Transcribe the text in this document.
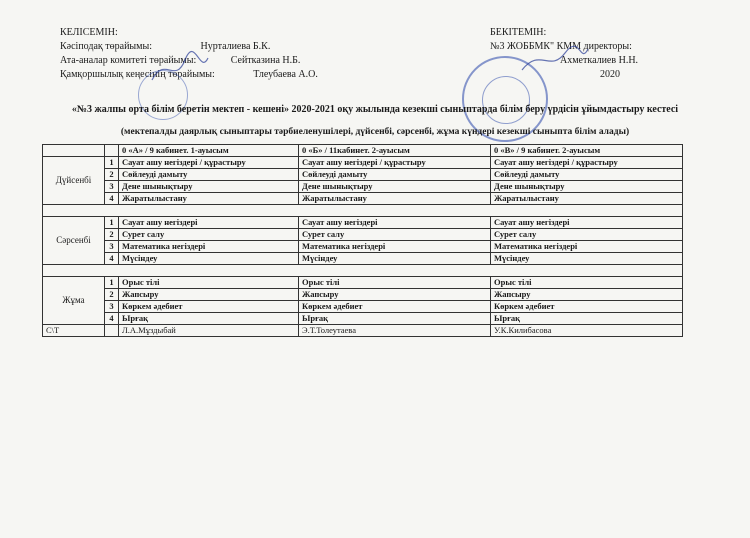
КЕЛІСЕМІН:
Кәсіподақ төрайымы:	Нурталиева Б.К.
Ата-аналар комитеті төрайымы:	Сейтказина Н.Б.
Қамқоршылық кеңесінің төрайымы:	Тлеубаева А.О.
БЕКІТЕМІН:
№3 ЖОББМК" КММ директоры:
Ахметкалиев Н.Н.
2020
«№3 жалпы орта білім беретін мектеп - кешені» 2020-2021 оқу жылында кезекші сыныптарда білім беру үрдісін ұйымдастыру кестесі
(мектепалды даярлық сыныптары тәрбиеленушілері, дүйсенбі, сәрсенбі, жұма күндері кезекші сыныпта білім алады)
		0 «А» / 9 кабинет. 1-ауысым	0 «Б» / 11кабинет. 2-ауысым	0 «В» / 9 кабинет. 2-ауысым
Дүйсенбі	1	Сауат ашу негіздері / құрастыру	Сауат ашу негіздері / құрастыру	Сауат ашу негіздері / құрастыру
	2	Сөйлеуді дамыту	Сөйлеуді дамыту	Сөйлеуді дамыту
	3	Дене шынықтыру	Дене шынықтыру	Дене шынықтыру
	4	Жаратылыстану	Жаратылыстану	Жаратылыстану

Сәрсенбі	1	Сауат ашу негіздері	Сауат ашу негіздері	Сауат ашу негіздері
	2	Сурет салу	Сурет салу	Сурет салу
	3	Математика негіздері	Математика негіздері	Математика негіздері
	4	Мүсіндеу	Мүсіндеу	Мүсіндеу

Жұма	1	Орыс тілі	Орыс тілі	Орыс тілі
	2	Жапсыру	Жапсыру	Жапсыру
	3	Көркем әдебиет	Көркем әдебиет	Көркем әдебиет
	4	Ырғақ	Ырғақ	Ырғақ
С\Т		Л.А.Мұздыбай	Э.Т.Толеутаева	У.К.Килибасова
